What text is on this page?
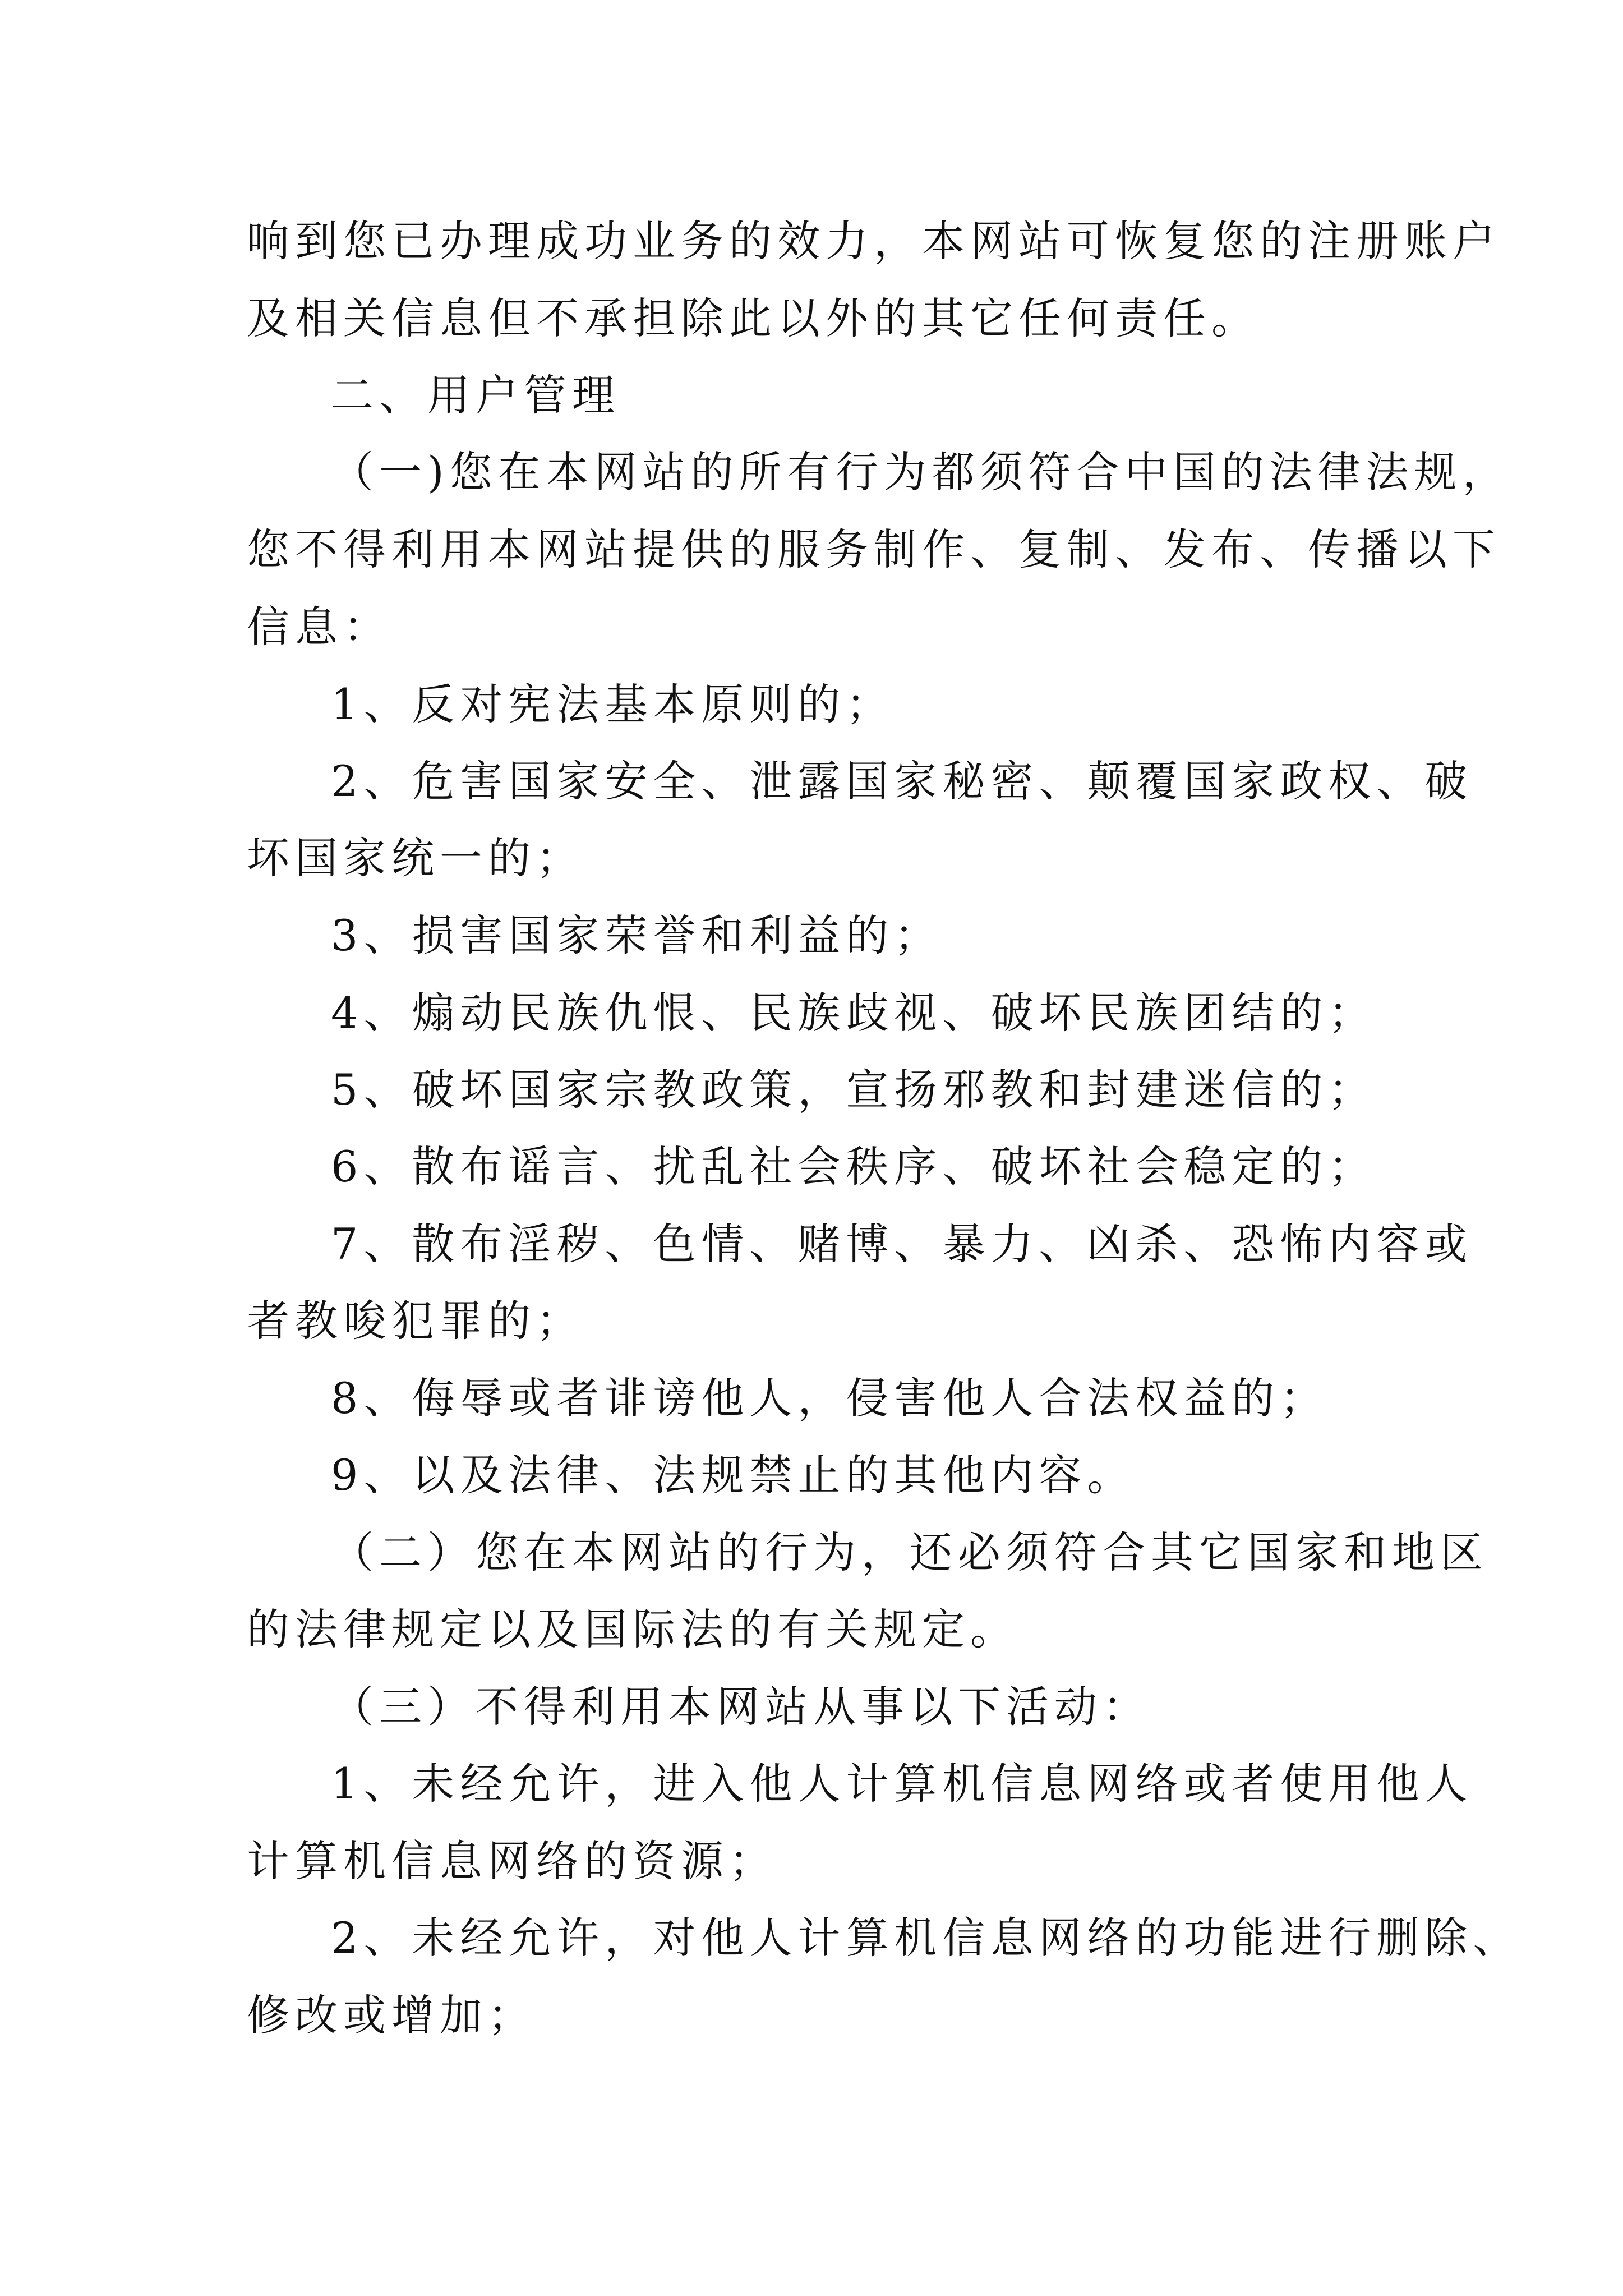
响到您已办理成功业务的效力，本网站可恢复您的注册账户
及相关信息但不承担除此以外的其它任何责任。
二、用户管理
（一)您在本网站的所有行为都须符合中国的法律法规，
您不得利用本网站提供的服务制作、复制、发布、传播以下
信息：
1、反对宪法基本原则的；
2、危害国家安全、泄露国家秘密、颠覆国家政权、破
坏国家统一的；
3、损害国家荣誉和利益的；
4、煽动民族仇恨、民族歧视、破坏民族团结的；
5、破坏国家宗教政策，宣扬邪教和封建迷信的；
6、散布谣言、扰乱社会秩序、破坏社会稳定的；
7、散布淫秽、色情、赌博、暴力、凶杀、恐怖内容或
者教唆犯罪的；
8、侮辱或者诽谤他人，侵害他人合法权益的；
9、以及法律、法规禁止的其他内容。
（二）您在本网站的行为，还必须符合其它国家和地区
的法律规定以及国际法的有关规定。
（三）不得利用本网站从事以下活动：
1、未经允许，进入他人计算机信息网络或者使用他人
计算机信息网络的资源；
2、未经允许，对他人计算机信息网络的功能进行删除、
修改或增加；
